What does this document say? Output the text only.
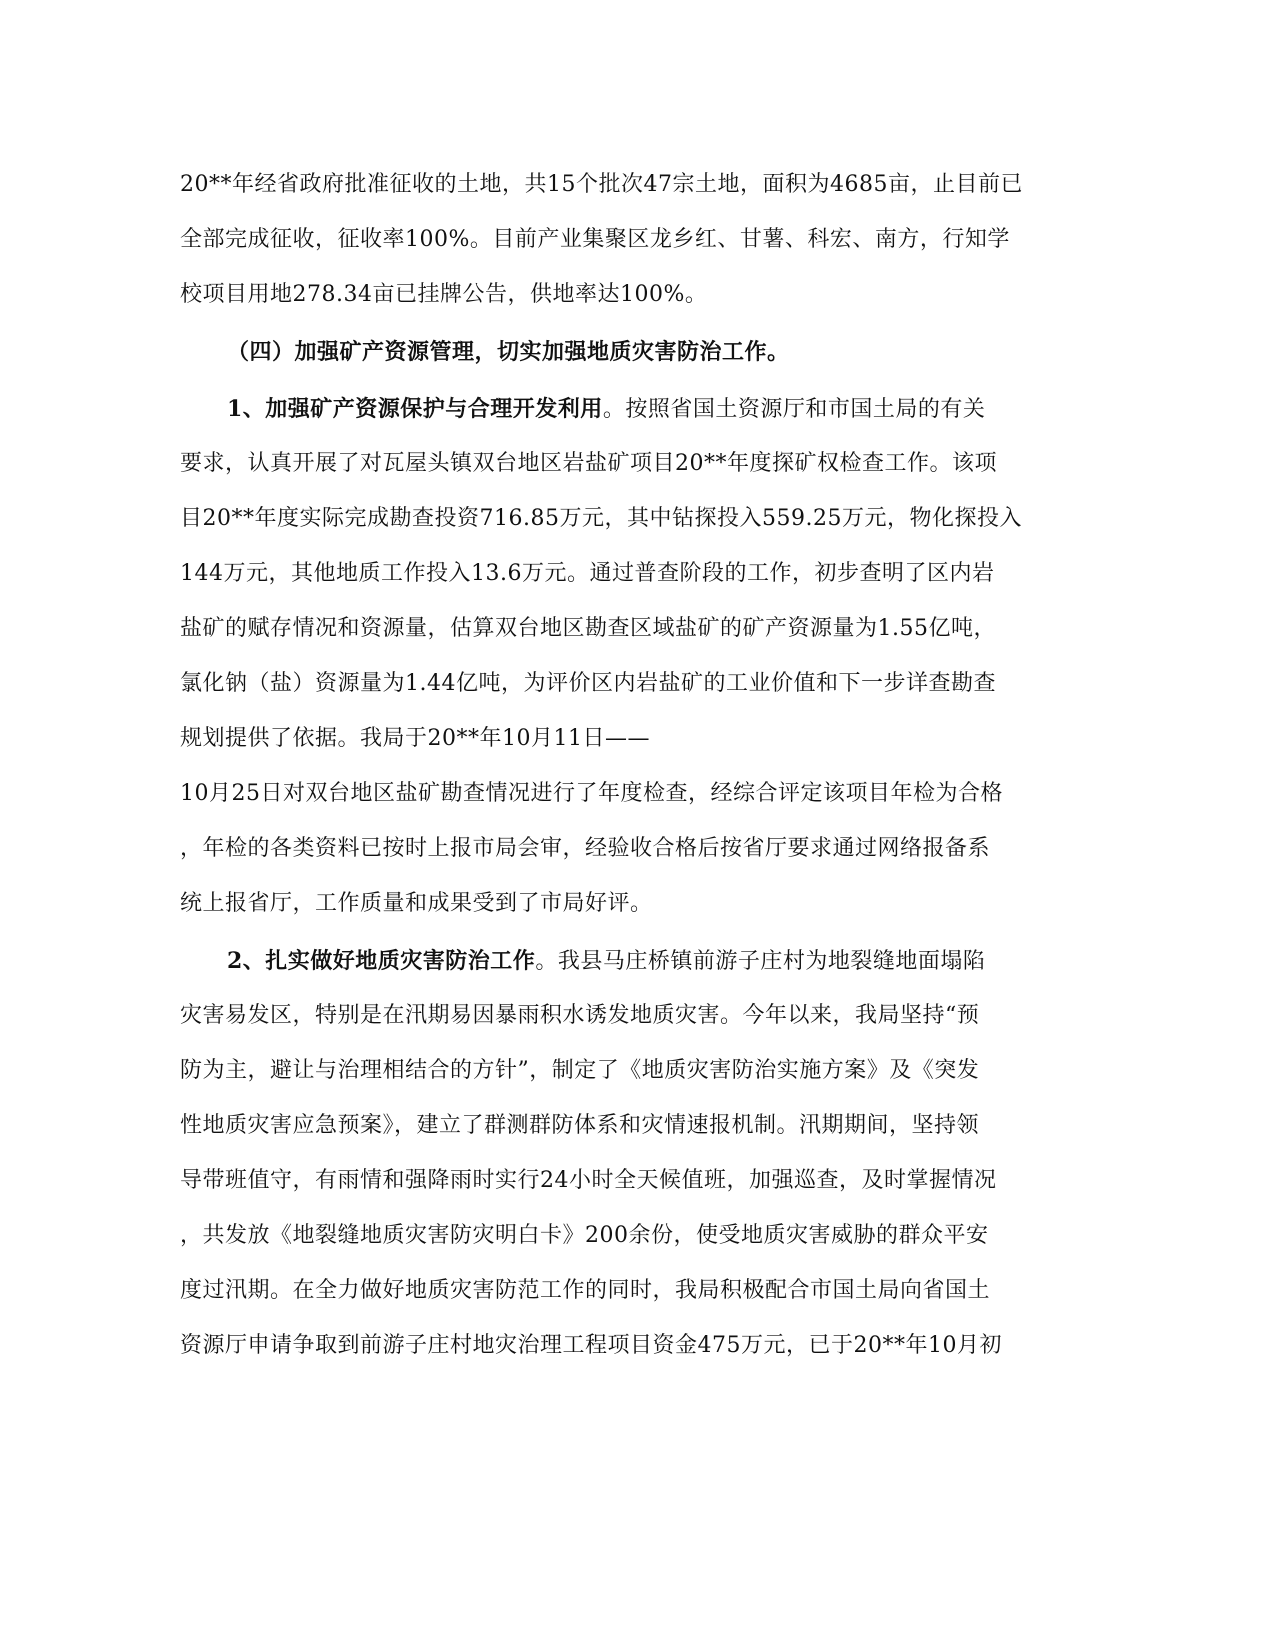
20**年经省政府批准征收的土地，共15个批次47宗土地，面积为4685亩，止目前已
全部完成征收，征收率100%。目前产业集聚区龙乡红、甘薯、科宏、南方，行知学
校项目用地278.34亩已挂牌公告，供地率达100%。
（四）加强矿产资源管理，切实加强地质灾害防治工作。
1、加强矿产资源保护与合理开发利用。按照省国土资源厅和市国土局的有关
要求，认真开展了对瓦屋头镇双台地区岩盐矿项目20**年度探矿权检查工作。该项
目20**年度实际完成勘查投资716.85万元，其中钻探投入559.25万元，物化探投入
144万元，其他地质工作投入13.6万元。通过普查阶段的工作，初步查明了区内岩
盐矿的赋存情况和资源量，估算双台地区勘查区域盐矿的矿产资源量为1.55亿吨，
氯化钠（盐）资源量为1.44亿吨，为评价区内岩盐矿的工业价值和下一步详查勘查
规划提供了依据。我局于20**年10月11日——
10月25日对双台地区盐矿勘查情况进行了年度检查，经综合评定该项目年检为合格
，年检的各类资料已按时上报市局会审，经验收合格后按省厅要求通过网络报备系
统上报省厅，工作质量和成果受到了市局好评。
2、扎实做好地质灾害防治工作。我县马庄桥镇前游子庄村为地裂缝地面塌陷
灾害易发区，特别是在汛期易因暴雨积水诱发地质灾害。今年以来，我局坚持“预
防为主，避让与治理相结合的方针”，制定了《地质灾害防治实施方案》及《突发
性地质灾害应急预案》，建立了群测群防体系和灾情速报机制。汛期期间，坚持领
导带班值守，有雨情和强降雨时实行24小时全天候值班，加强巡查，及时掌握情况
，共发放《地裂缝地质灾害防灾明白卡》200余份，使受地质灾害威胁的群众平安
度过汛期。在全力做好地质灾害防范工作的同时，我局积极配合市国土局向省国土
资源厅申请争取到前游子庄村地灾治理工程项目资金475万元，已于20**年10月初
